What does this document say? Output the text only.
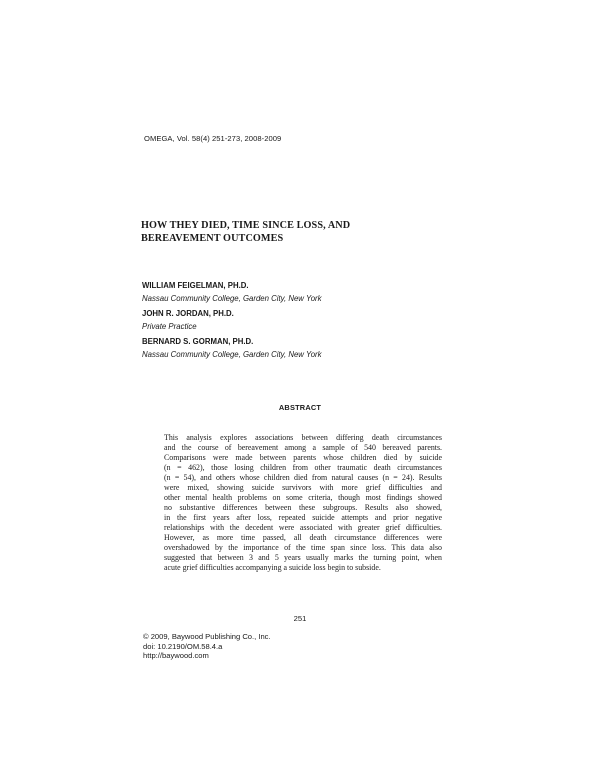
OMEGA, Vol. 58(4) 251-273, 2008-2009
HOW THEY DIED, TIME SINCE LOSS, AND
BEREAVEMENT OUTCOMES
WILLIAM FEIGELMAN, PH.D.
Nassau Community College, Garden City, New York
JOHN R. JORDAN, PH.D.
Private Practice
BERNARD S. GORMAN, PH.D.
Nassau Community College, Garden City, New York
ABSTRACT
This analysis explores associations between differing death circumstances
and the course of bereavement among a sample of 540 bereaved parents.
Comparisons were made between parents whose children died by suicide
(n = 462), those losing children from other traumatic death circumstances
(n = 54), and others whose children died from natural causes (n = 24). Results
were mixed, showing suicide survivors with more grief difficulties and
other mental health problems on some criteria, though most findings showed
no substantive differences between these subgroups. Results also showed,
in the first years after loss, repeated suicide attempts and prior negative
relationships with the decedent were associated with greater grief difficulties.
However, as more time passed, all death circumstance differences were
overshadowed by the importance of the time span since loss. This data also
suggested that between 3 and 5 years usually marks the turning point, when
acute grief difficulties accompanying a suicide loss begin to subside.
251
© 2009, Baywood Publishing Co., Inc.
doi: 10.2190/OM.58.4.a
http://baywood.com
